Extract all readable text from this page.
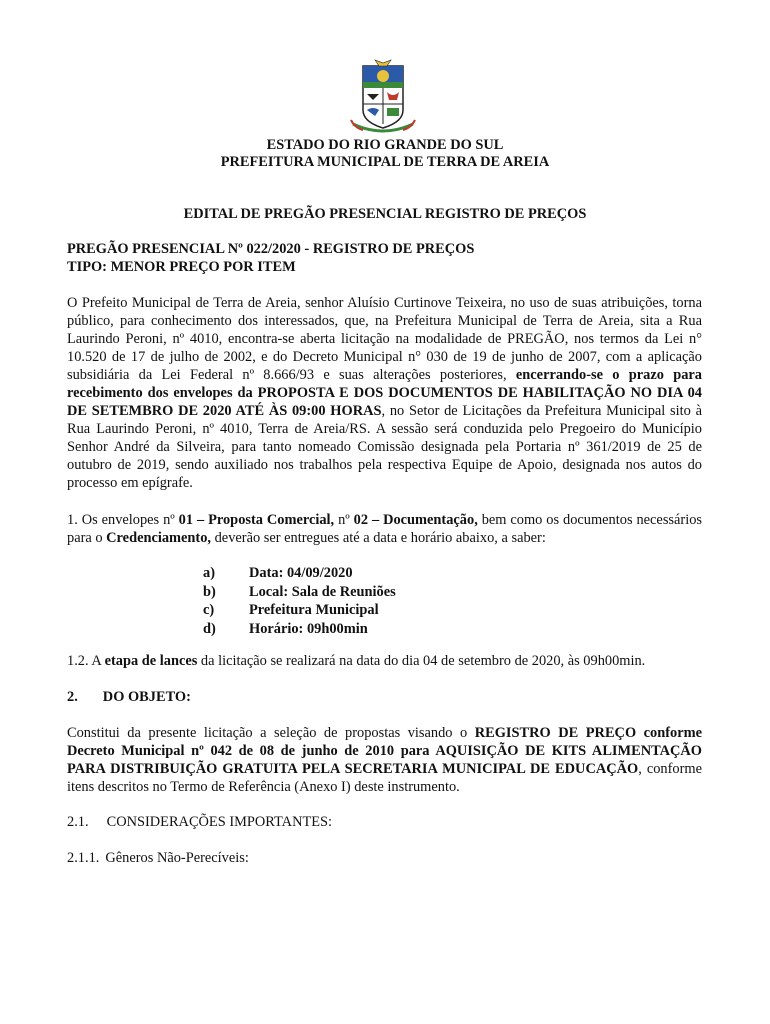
ESTADO DO RIO GRANDE DO SUL
PREFEITURA MUNICIPAL DE TERRA DE AREIA
EDITAL DE PREGÃO PRESENCIAL REGISTRO DE PREÇOS
PREGÃO PRESENCIAL Nº 022/2020 - REGISTRO DE PREÇOS
TIPO: MENOR PREÇO POR ITEM
O Prefeito Municipal de Terra de Areia, senhor Aluísio Curtinove Teixeira, no uso de suas atribuições, torna público, para conhecimento dos interessados, que, na Prefeitura Municipal de Terra de Areia, sita a Rua Laurindo Peroni, nº 4010, encontra-se aberta licitação na modalidade de PREGÃO, nos termos da Lei n° 10.520 de 17 de julho de 2002, e do Decreto Municipal n° 030 de 19 de junho de 2007, com a aplicação subsidiária da Lei Federal nº 8.666/93 e suas alterações posteriores, encerrando-se o prazo para recebimento dos envelopes da PROPOSTA E DOS DOCUMENTOS DE HABILITAÇÃO NO DIA 04 DE SETEMBRO DE 2020 ATÉ ÀS 09:00 HORAS, no Setor de Licitações da Prefeitura Municipal sito à Rua Laurindo Peroni, nº 4010, Terra de Areia/RS. A sessão será conduzida pelo Pregoeiro do Município Senhor André da Silveira, para tanto nomeado Comissão designada pela Portaria nº 361/2019 de 25 de outubro de 2019, sendo auxiliado nos trabalhos pela respectiva Equipe de Apoio, designada nos autos do processo em epígrafe.
1. Os envelopes nº 01 – Proposta Comercial, nº 02 – Documentação, bem como os documentos necessários para o Credenciamento, deverão ser entregues até a data e horário abaixo, a saber:
a)	Data: 04/09/2020
b)	Local: Sala de Reuniões
c)	Prefeitura Municipal
d)	Horário: 09h00min
1.2. A etapa de lances da licitação se realizará na data do dia 04 de setembro de 2020, às 09h00min.
2. DO OBJETO:
Constitui da presente licitação a seleção de propostas visando o REGISTRO DE PREÇO conforme Decreto Municipal nº 042 de 08 de junho de 2010 para AQUISIÇÃO DE KITS ALIMENTAÇÃO PARA DISTRIBUIÇÃO GRATUITA PELA SECRETARIA MUNICIPAL DE EDUCAÇÃO, conforme itens descritos no Termo de Referência (Anexo I) deste instrumento.
2.1. CONSIDERAÇÕES IMPORTANTES:
2.1.1. Gêneros Não-Perecíveis:
